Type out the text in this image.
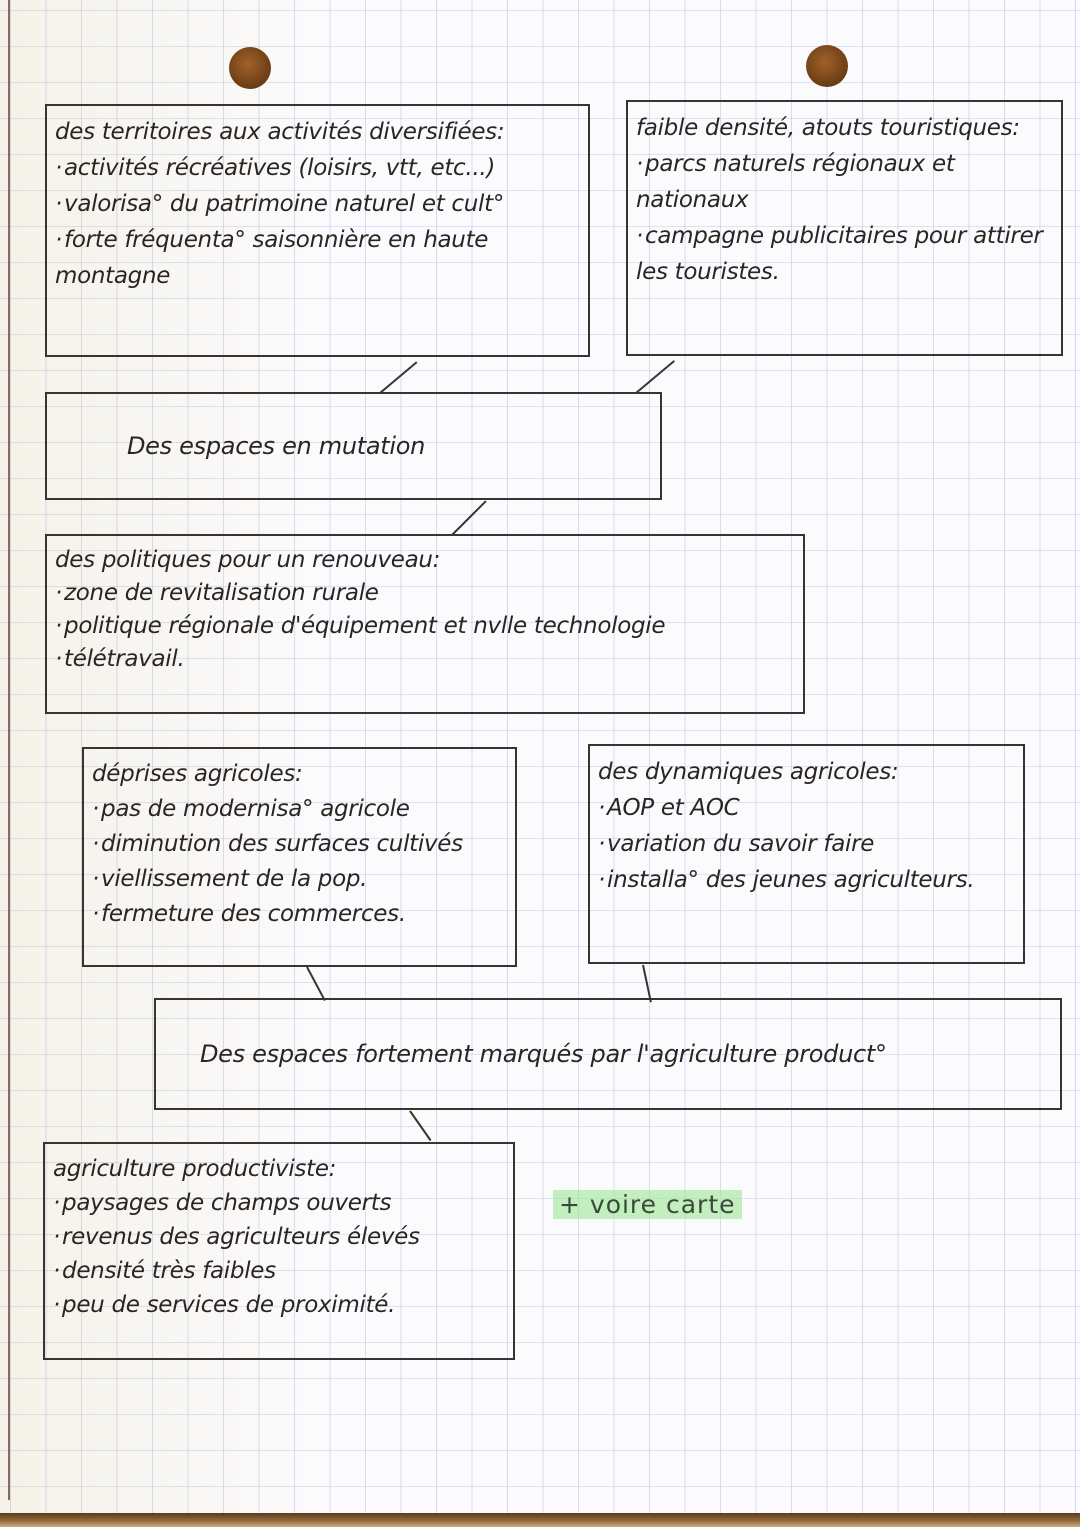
des territoires aux activités diversifiées:
· activités récréatives (loisirs, vtt, etc...)
· valorisa° du patrimoine naturel et cult°
· forte fréquenta° saisonnière en haute montagne
faible densité, atouts touristiques:
· parcs naturels régionaux et nationaux
· campagne publicitaires pour attirer les touristes.
Des espaces en mutation
des politiques pour un renouveau:
· zone de revitalisation rurale
· politique régionale d'équipement et nvlle technologie
· télétravail.
déprises agricoles:
· pas de modernisa° agricole
· diminution des surfaces cultivés
· viellissement de la pop.
· fermeture des commerces.
des dynamiques agricoles:
· AOP et AOC
· variation du savoir faire
· installa° des jeunes agriculteurs.
Des espaces fortement marqués par l'agriculture product°
agriculture productiviste:
· paysages de champs ouverts
· revenus des agriculteurs élevés
· densité très faibles
· peu de services de proximité.
+ voire carte
